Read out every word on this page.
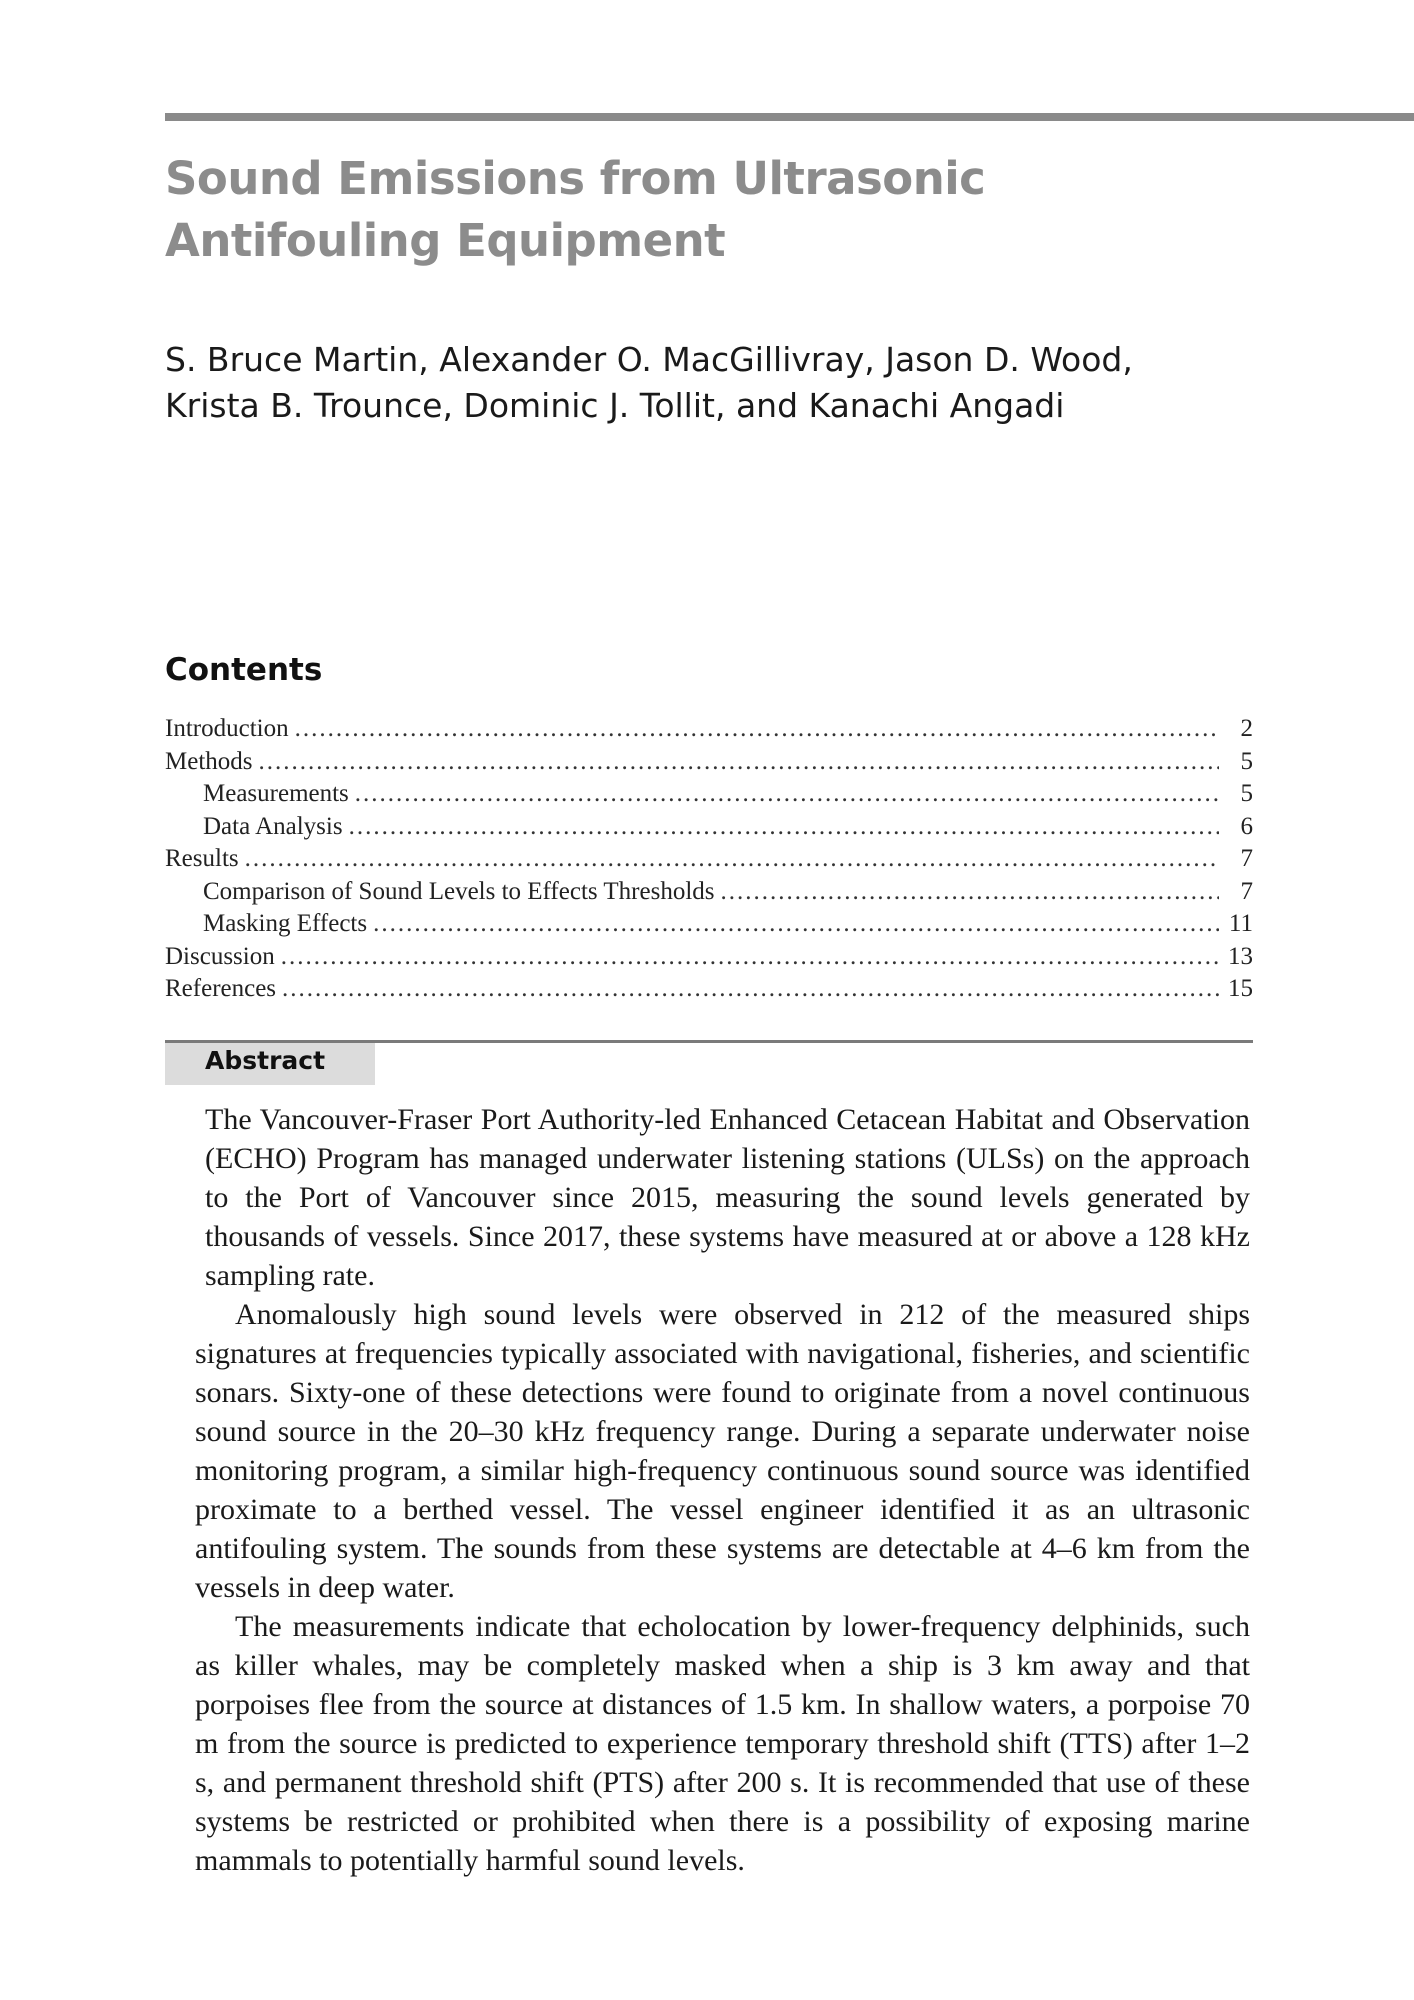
Sound Emissions from Ultrasonic
Antifouling Equipment
S. Bruce Martin, Alexander O. MacGillivray, Jason D. Wood,
Krista B. Trounce, Dominic J. Tollit, and Kanachi Angadi
Contents
Introduction .....	2
Methods .....	5
Measurements .....	5
Data Analysis .....	6
Results .....	7
Comparison of Sound Levels to Effects Thresholds .....	7
Masking Effects .....	11
Discussion .....	13
References .....	15
Abstract

The Vancouver-Fraser Port Authority-led Enhanced Cetacean Habitat and Observation (ECHO) Program has managed underwater listening stations (ULSs) on the approach to the Port of Vancouver since 2015, measuring the sound levels generated by thousands of vessels. Since 2017, these systems have measured at or above a 128 kHz sampling rate.

Anomalously high sound levels were observed in 212 of the measured ships signatures at frequencies typically associated with navigational, fisheries, and scientific sonars. Sixty-one of these detections were found to originate from a novel continuous sound source in the 20–30 kHz frequency range. During a separate underwater noise monitoring program, a similar high-frequency continuous sound source was identified proximate to a berthed vessel. The vessel engineer identified it as an ultrasonic antifouling system. The sounds from these systems are detectable at 4–6 km from the vessels in deep water.

The measurements indicate that echolocation by lower-frequency delphinids, such as killer whales, may be completely masked when a ship is 3 km away and that porpoises flee from the source at distances of 1.5 km. In shallow waters, a porpoise 70 m from the source is predicted to experience temporary threshold shift (TTS) after 1–2 s, and permanent threshold shift (PTS) after 200 s. It is recommended that use of these systems be restricted or prohibited when there is a possibility of exposing marine mammals to potentially harmful sound levels.
